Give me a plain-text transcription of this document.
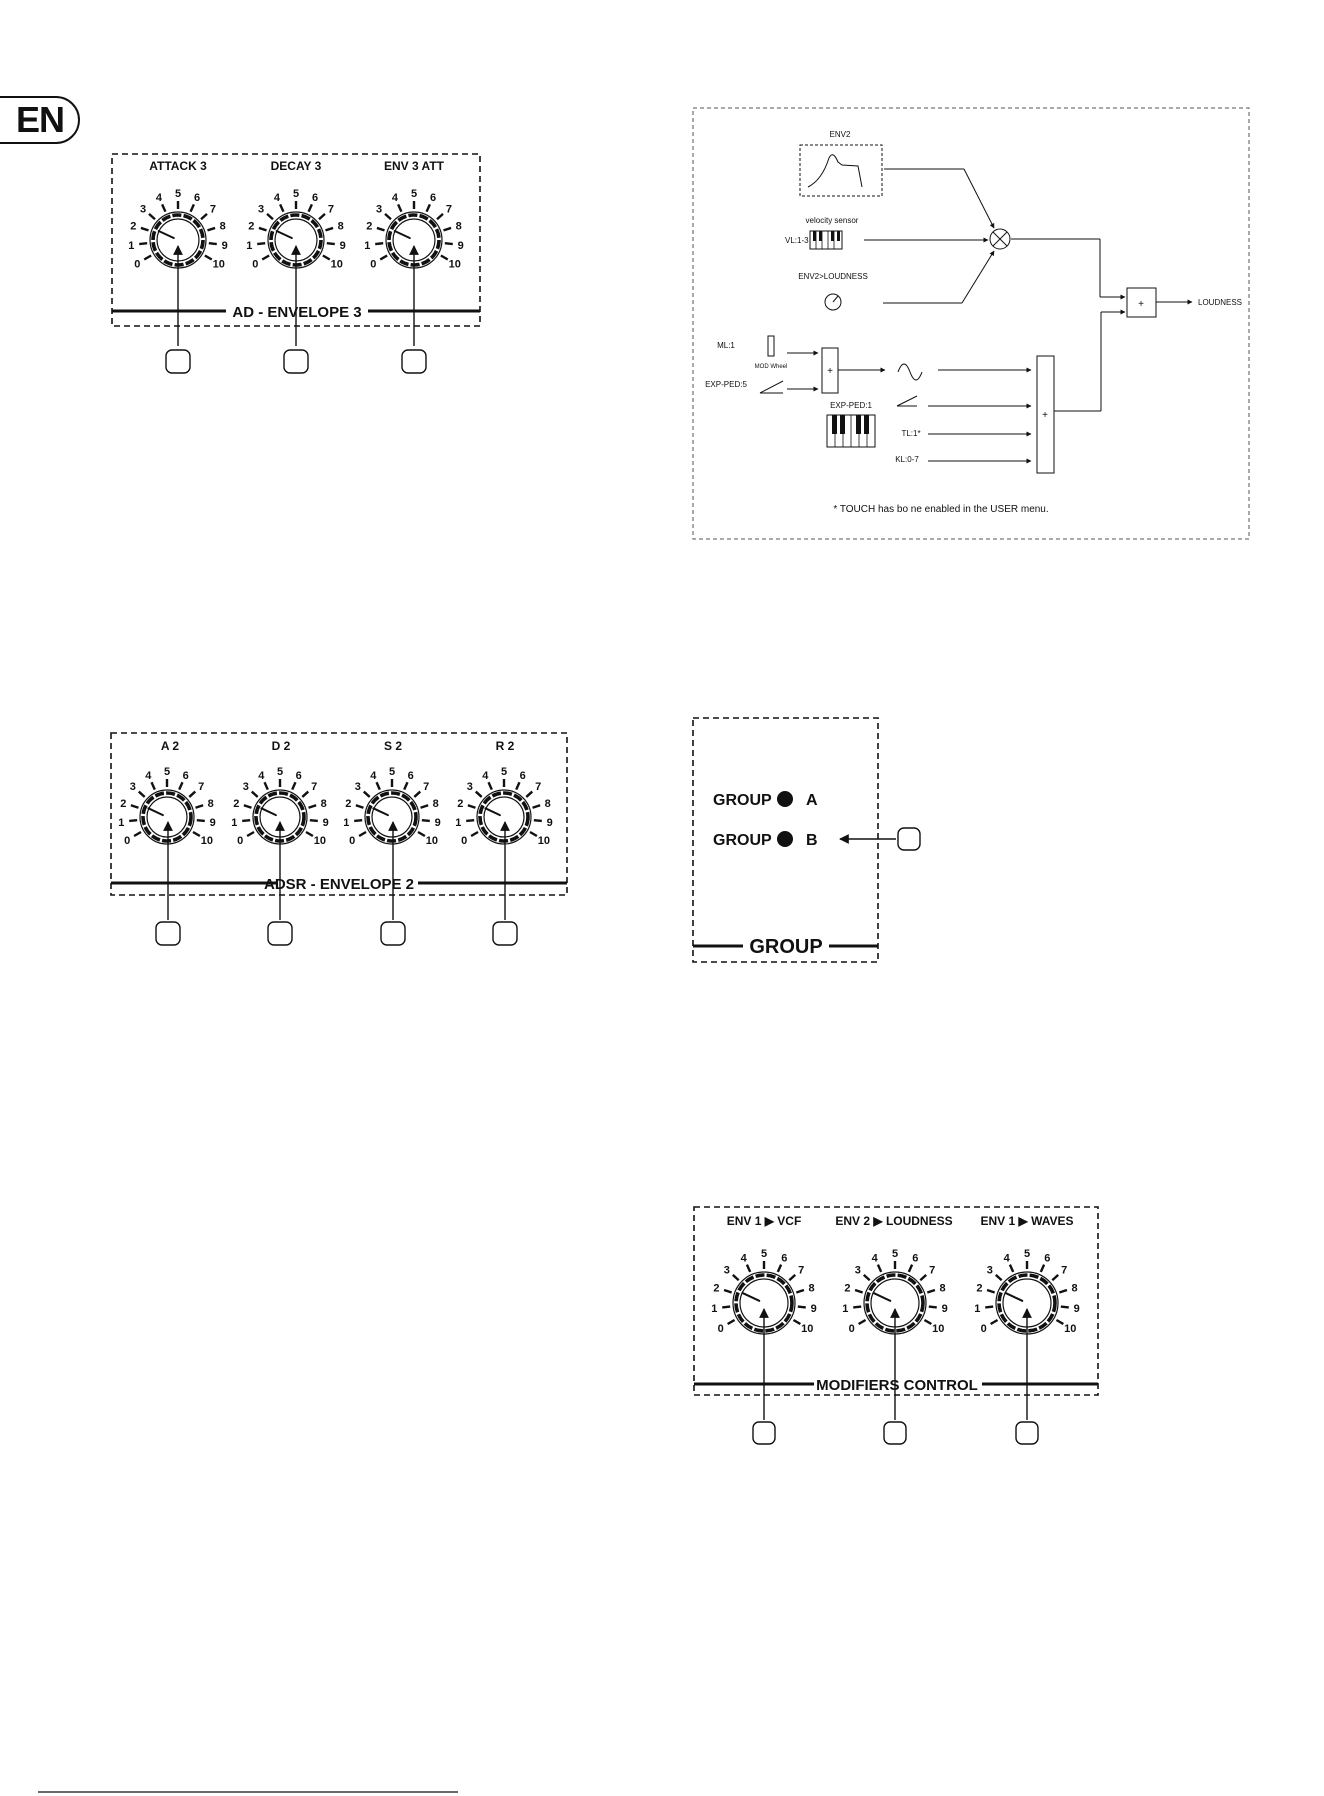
EN
AD - ENVELOPE 3
ATTACK 3	DECAY 3	ENV 3 ATT
0
1
2
3
4 5 6
7
8
9
10 0
1
2
3
4 5 6
7
8
9
10 0
1
2
3
4 5 6
7
8
9
10
ADSR - ENVELOPE 2
A 2	D 2	S 2	R 2
0
1
2
3
4 5 6
7
8
9
10 0
1
2
3
4 5 6
7
8
9
10 0
1
2
3
4 5 6
7
8
9
10 0
1
2
3
4 5 6
7
8
9
10
ENV2
velocity sensor
VL:1-3
ENV2>LOUDNESS
+	LOUDNESS
ML:1
MOD Wheel
EXP-PED:5
+
EXP-PED:1
TL:1*
KL:0-7
+
* TOUCH has bo ne enabled in the USER menu.
GROUP
GROUP A
GROUP B
MODIFIERS CONTROL
ENV 1 ▶ VCF	ENV 2 ▶ LOUDNESS ENV 1 ▶ WAVES
0
1
2
3
4 5 6
7
8
9
10	0
1
2
3
4 5 6
7
8
9
10	0
1
2
3
4 5 6
7
8
9
10
